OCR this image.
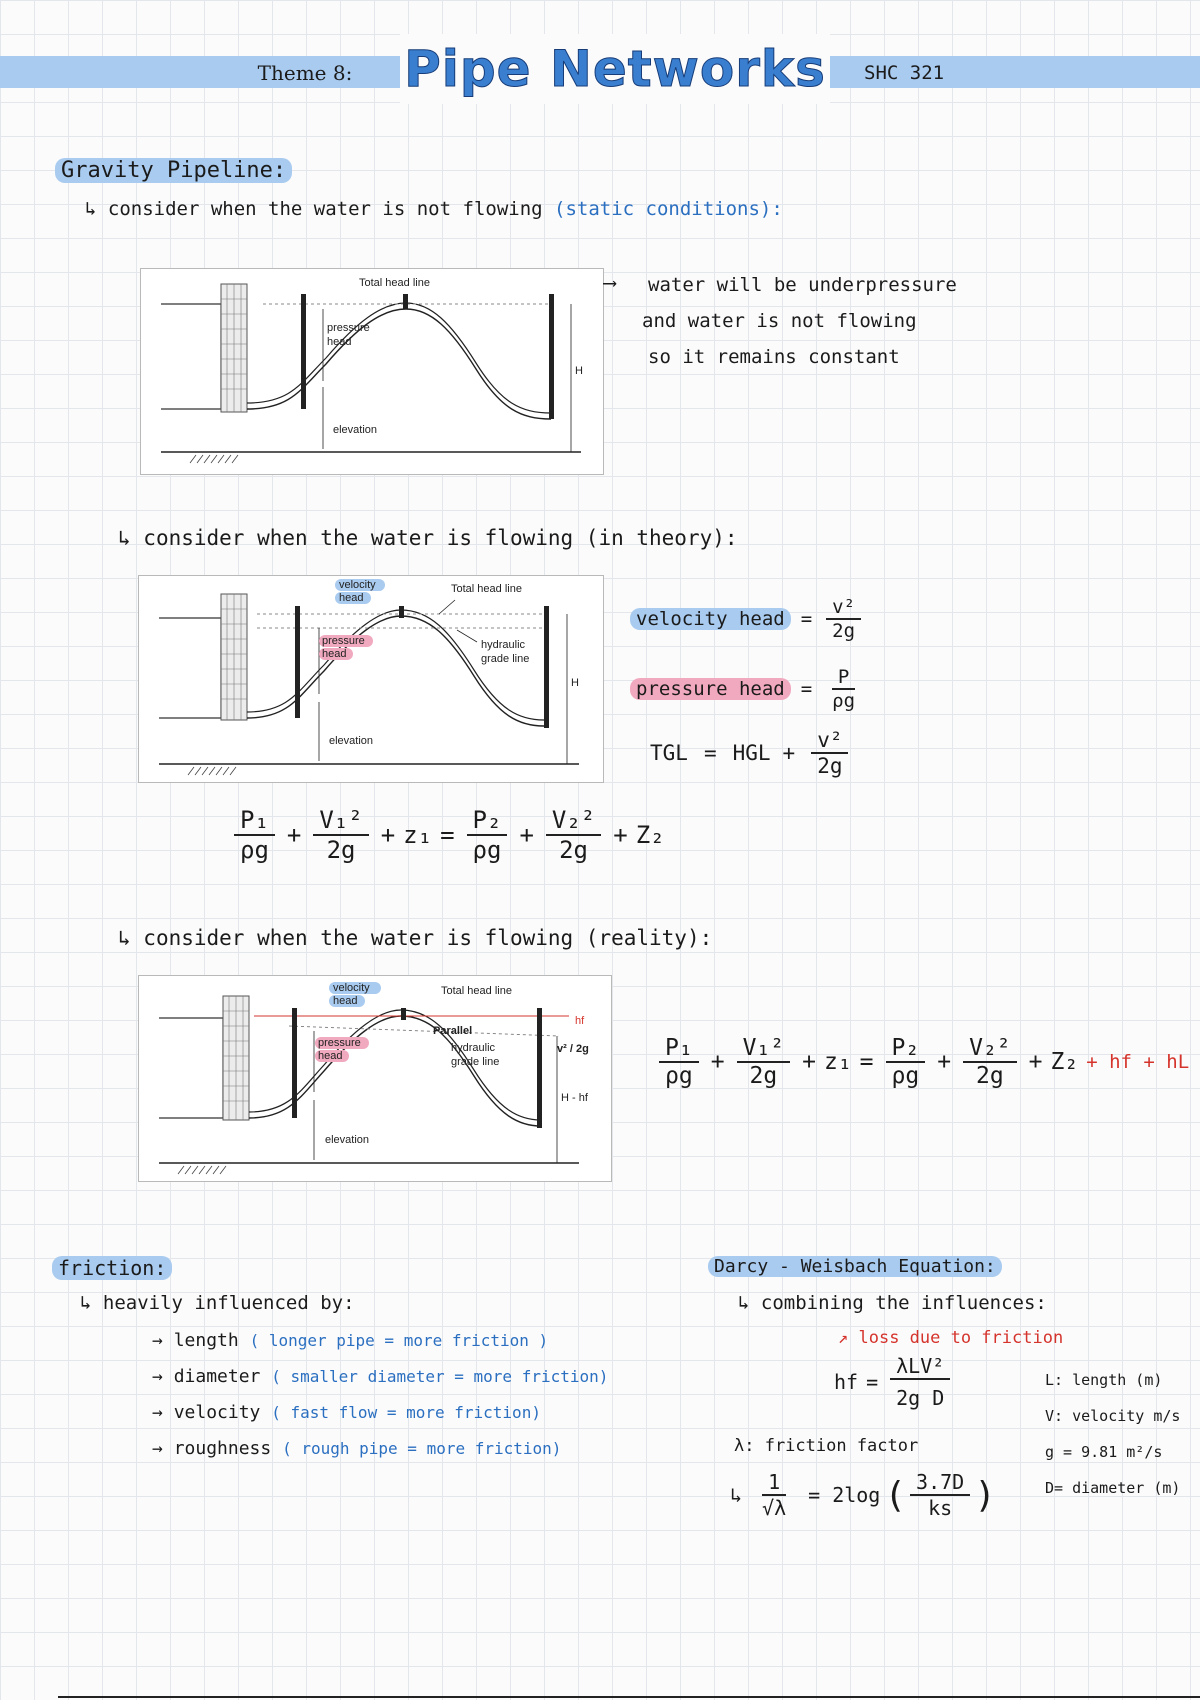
Theme 8:	Pipe Networks	SHC 321
Gravity Pipeline:
↳ consider when the water is not flowing (static conditions):
Total head line
pressure
head
elevation
H
⟶ water will be underpressure
and water is not flowing
so it remains constant
↳ consider when the water is flowing (in theory):
velocity
head
Total head line
pressure
head
hydraulic
grade line
elevation
H
velocity head = $\frac{\text{v²}}{2g}$
pressure head = $\frac{P}{\rho g}$
TGL = HGL + $\frac{\text{v²}}{2g}$
$\frac{\text{P₁}}{\rho g} + \frac{\text{V₁²}}{2g} + z_1 = \frac{\text{P₂}}{\rho g} + \frac{\text{V₂²}}{2g} + Z_2$
↳ consider when the water is flowing (reality):
velocity
head
Total head line
pressure
head
hydraulic
grade line
Parallel
elevation
H - hf
hf
v² / 2g	$\frac{\text{P₁}}{\rho g} + \frac{\text{V₁²}}{2g} + z_1 = \frac{\text{P₂}}{\rho g} + \frac{\text{V₂²}}{2g} + Z_2$ + hf + hL
friction:
↳ heavily influenced by:
→ length ( longer pipe = more friction )
→ diameter ( smaller diameter = more friction)
→ velocity ( fast flow = more friction)
→ roughness ( rough pipe = more friction)
Darcy - Weisbach Equation:
↳ combining the influences:
↗ loss due to friction
hf = $\frac{\text{λLV²}}{\text{2g D}}$
λ: friction factor
↳ $\frac{1}{√\lambda} = 2\log$ ( $\frac{3.7D}{ks}$ )
L: length (m)
V: velocity m/s
g = 9.81 m²/s
D= diameter (m)
